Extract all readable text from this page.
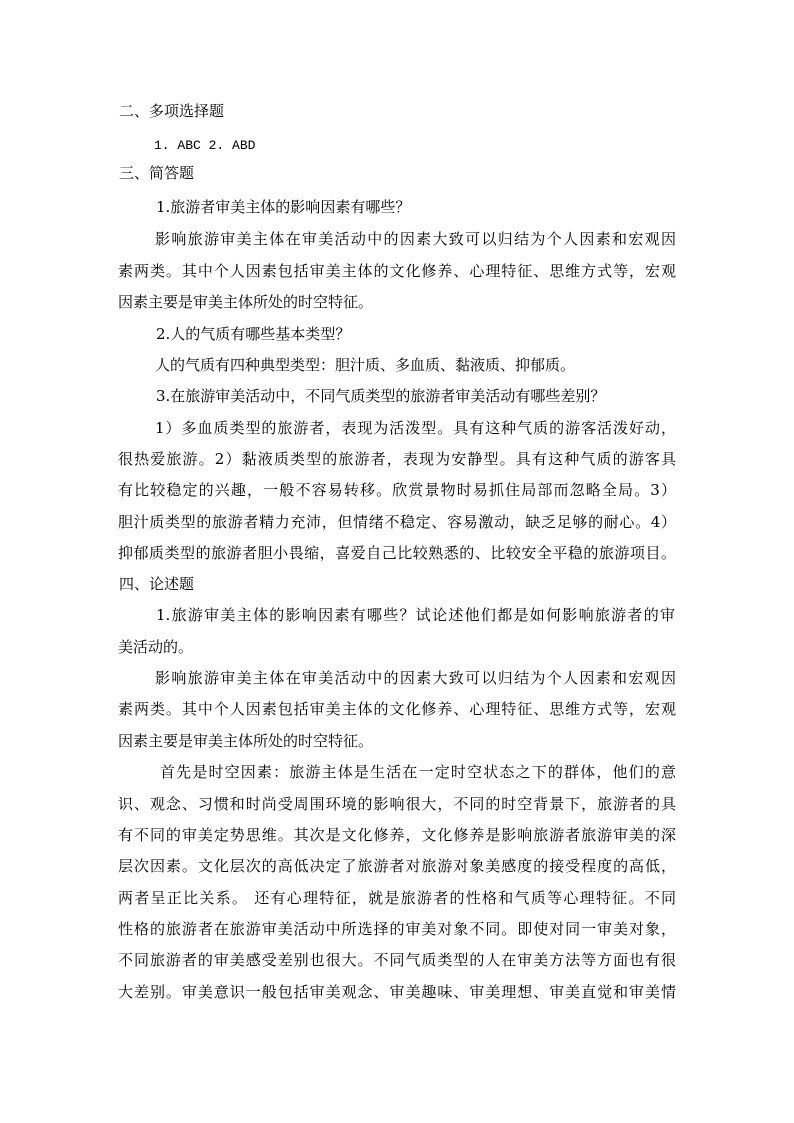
二、多项选择题
1. ABC 2. ABD
三、简答题
1.旅游者审美主体的影响因素有哪些？
影响旅游审美主体在审美活动中的因素大致可以归结为个人因素和宏观因
素两类。其中个人因素包括审美主体的文化修养、心理特征、思维方式等，宏观
因素主要是审美主体所处的时空特征。
2.人的气质有哪些基本类型？
人的气质有四种典型类型：胆汁质、多血质、黏液质、抑郁质。
3.在旅游审美活动中，不同气质类型的旅游者审美活动有哪些差别？
1）多血质类型的旅游者，表现为活泼型。具有这种气质的游客活泼好动，
很热爱旅游。2）黏液质类型的旅游者，表现为安静型。具有这种气质的游客具
有比较稳定的兴趣，一般不容易转移。欣赏景物时易抓住局部而忽略全局。3）
胆汁质类型的旅游者精力充沛，但情绪不稳定、容易激动，缺乏足够的耐心。4）
抑郁质类型的旅游者胆小畏缩，喜爱自己比较熟悉的、比较安全平稳的旅游项目。
四、论述题
1.旅游审美主体的影响因素有哪些？试论述他们都是如何影响旅游者的审
美活动的。
影响旅游审美主体在审美活动中的因素大致可以归结为个人因素和宏观因
素两类。其中个人因素包括审美主体的文化修养、心理特征、思维方式等，宏观
因素主要是审美主体所处的时空特征。
首先是时空因素：旅游主体是生活在一定时空状态之下的群体，他们的意
识、观念、习惯和时尚受周围环境的影响很大，不同的时空背景下，旅游者的具
有不同的审美定势思维。其次是文化修养，文化修养是影响旅游者旅游审美的深
层次因素。文化层次的高低决定了旅游者对旅游对象美感度的接受程度的高低，
两者呈正比关系。 还有心理特征，就是旅游者的性格和气质等心理特征。不同
性格的旅游者在旅游审美活动中所选择的审美对象不同。即使对同一审美对象，
不同旅游者的审美感受差别也很大。不同气质类型的人在审美方法等方面也有很
大差别。审美意识一般包括审美观念、审美趣味、审美理想、审美直觉和审美情
